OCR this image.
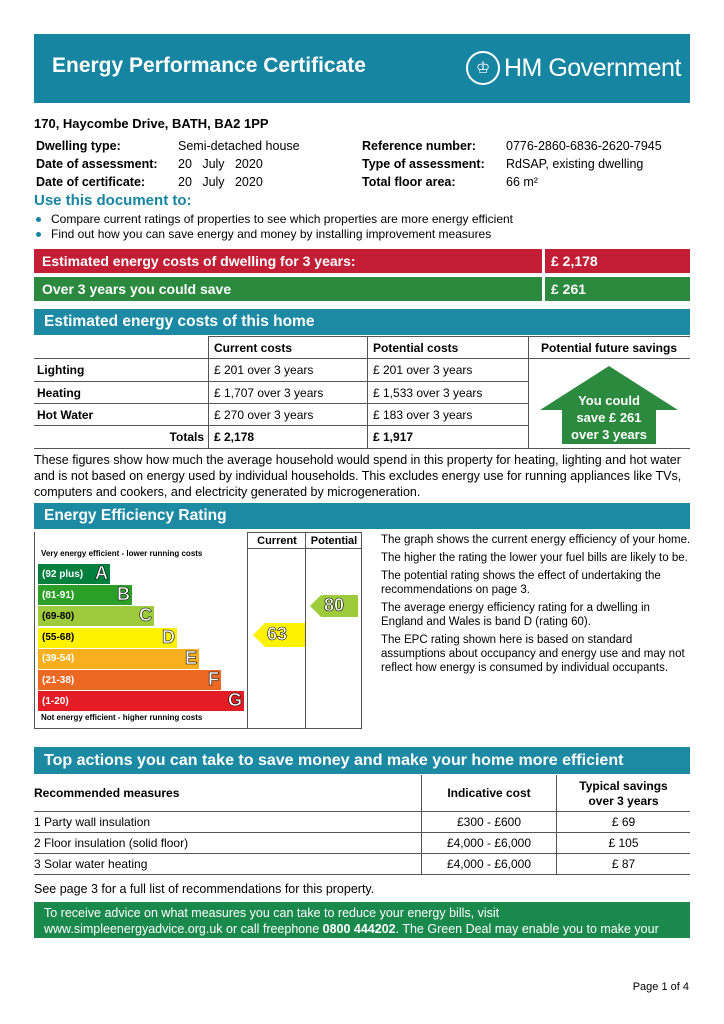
Energy Performance Certificate	♔ HM Government
170, Haycombe Drive, BATH, BA2 1PP
Dwelling type:	Semi-detached house
Date of assessment: 20   July   2020
Date of certificate:	20   July   2020
Reference number: 0776-2860-6836-2620-7945
Type of assessment: RdSAP, existing dwelling
Total floor area:	66 m²
Use this document to:
Compare current ratings of properties to see which properties are more energy efficient
Find out how you can save energy and money by installing improvement measures
Estimated energy costs of dwelling for 3 years:	£ 2,178
Over 3 years you could save	£ 261
Estimated energy costs of this home
Current costs	Potential costs	Potential future savings
Lighting	£ 201 over 3 years	£ 201 over 3 years
Heating	£ 1,707 over 3 years	£ 1,533 over 3 years
Hot Water	£ 270 over 3 years	£ 183 over 3 years
Totals £ 2,178	£ 1,917
You could
save £ 261
over 3 years
These figures show how much the average household would spend in this property for heating, lighting and hot water and is not based on energy used by individual households. This excludes energy use for running appliances like TVs, computers and cookers, and electricity generated by microgeneration.
Energy Efficiency Rating
Current	Potential
Very energy efficient - lower running costs
Not energy efficient - higher running costs
(92 plus) A
(81-91) B
(69-80)	C
(55-68)	D
(39-54)	E
(21-38)	F
(1-20)	G
63
80
The graph shows the current energy efficiency of your home.
The higher the rating the lower your fuel bills are likely to be.
The potential rating shows the effect of undertaking the recommendations on page 3.
The average energy efficiency rating for a dwelling in England and Wales is band D (rating 60).
The EPC rating shown here is based on standard assumptions about occupancy and energy use and may not reflect how energy is consumed by individual occupants.
Top actions you can take to save money and make your home more efficient
Recommended measures	Indicative cost	Typical savings
over 3 years
1 Party wall insulation	£300 - £600	£ 69
2 Floor insulation (solid floor)	£4,000 - £6,000	£ 105
3 Solar water heating	£4,000 - £6,000	£ 87
See page 3 for a full list of recommendations for this property.
To receive advice on what measures you can take to reduce your energy bills, visit www.simpleenergyadvice.org.uk or call freephone 0800 444202. The Green Deal may enable you to make your home warmer and cheaper to run.
Page 1 of 4
